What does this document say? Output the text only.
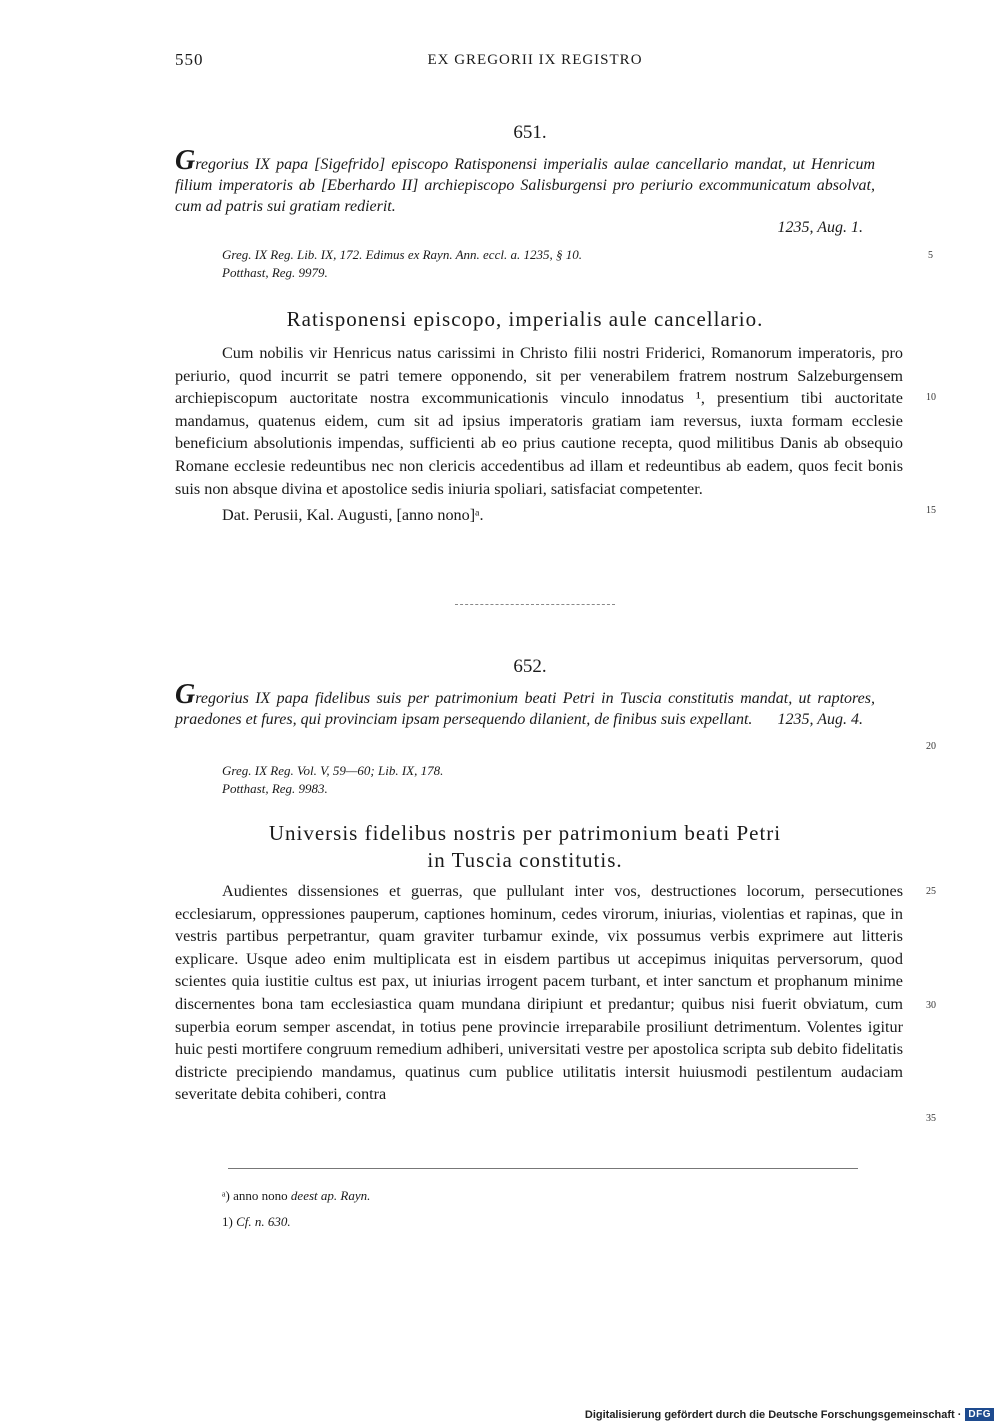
550	EX GREGORII IX REGISTRO
651.
Gregorius IX papa [Sigefrido] episcopo Ratisponensi imperialis aulae cancellario mandat, ut Henricum filium imperatoris ab [Eberhardo II] archiepiscopo Salisburgensi pro periurio excommunicatum absolvat, cum ad patris sui gratiam redierit.
1235, Aug. 1.
Greg. IX Reg. Lib. IX, 172. Edimus ex Rayn. Ann. eccl. a. 1235, § 10.
Potthast, Reg. 9979.
5
Ratisponensi episcopo, imperialis aule cancellario.

Cum nobilis vir Henricus natus carissimi in Christo filii nostri Friderici, Romanorum imperatoris, pro periurio, quod incurrit se patri temere opponendo, sit per venerabilem fratrem nostrum Salzeburgensem archiepiscopum auctoritate nostra excommunicationis vinculo innodatus ¹, presentium tibi auctoritate mandamus, quatenus eidem, cum sit ad ipsius imperatoris gratiam iam reversus, iuxta formam ecclesie beneficium absolutionis impendas, sufficienti ab eo prius cautione recepta, quod militibus Danis ab obsequio Romane ecclesie redeuntibus nec non clericis accedentibus ad illam et redeuntibus ab eadem, quos fecit bonis suis non absque divina et apostolice sedis iniuria spoliari, satisfaciat competenter.

Dat. Perusii, Kal. Augusti, [anno nono]ᵃ.

10
15
652.
Gregorius IX papa fidelibus suis per patrimonium beati Petri in Tuscia constitutis mandat, ut raptores, praedones et fures, qui provinciam ipsam persequendo dilanient, de finibus suis expellant. 1235, Aug. 4.
20
Greg. IX Reg. Vol. V, 59—60; Lib. IX, 178.
Potthast, Reg. 9983.
Universis fidelibus nostris per patrimonium beati Petri
in Tuscia constitutis.

Audientes dissensiones et guerras, que pullulant inter vos, destructiones locorum, persecutiones ecclesiarum, oppressiones pauperum, captiones hominum, cedes virorum, iniurias, violentias et rapinas, que in vestris partibus perpetrantur, quam graviter turbamur exinde, vix possumus verbis exprimere aut litteris explicare. Usque adeo enim multiplicata est in eisdem partibus ut accepimus iniquitas perversorum, quod scientes quia iustitie cultus est pax, ut iniurias irrogent pacem turbant, et inter sanctum et prophanum minime discernentes bona tam ecclesiastica quam mundana diripiunt et predantur; quibus nisi fuerit obviatum, cum superbia eorum semper ascendat, in totius pene provincie irreparabile prosiliunt detrimentum. Volentes igitur huic pesti mortifere congruum remedium adhiberi, universitati vestre per apostolica scripta sub debito fidelitatis districte precipiendo mandamus, quatinus cum publice utilitatis intersit huiusmodi pestilentum audaciam severitate debita cohiberi, contra

25
30
35
ᵃ) anno nono deest ap. Rayn.
1) Cf. n. 630.
Digitalisierung gefördert durch die Deutsche Forschungsgemeinschaft · DFG
